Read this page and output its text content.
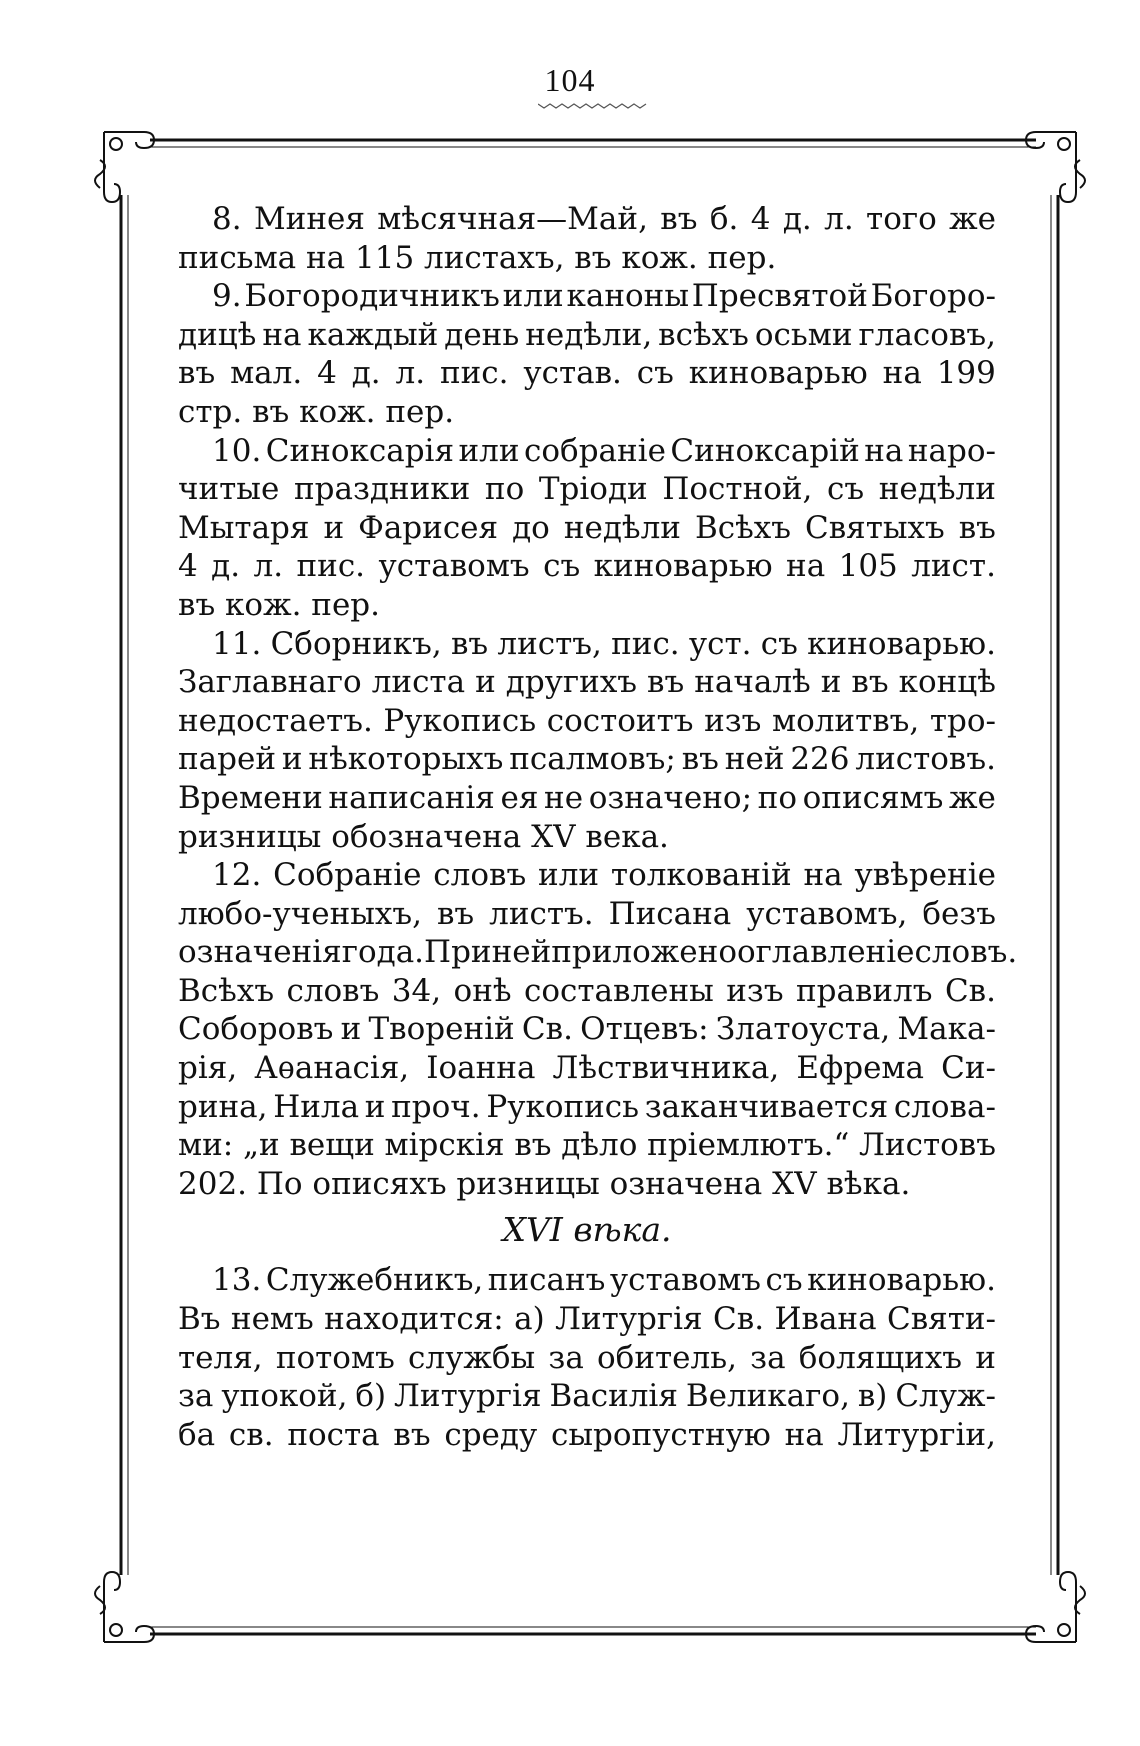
104
8. Минея мѣсячная—Май, въ б. 4 д. л. того же
письма на 115 листахъ, въ кож. пер.
9. Богородичникъ или каноны Пресвятой Богоро-
дицѣ на каждый день недѣли, всѣхъ осьми гласовъ,
въ мал. 4 д. л. пис. устав. съ киноварью на 199
стр. въ кож. пер.
10. Синоксарія или собраніе Синоксарій на наро-
читые праздники по Тріоди Постной, съ недѣли
Мытаря и Фарисея до недѣли Всѣхъ Святыхъ въ
4 д. л. пис. уставомъ съ киноварью на 105 лист.
въ кож. пер.
11. Сборникъ, въ листъ, пис. уст. съ киноварью.
Заглавнаго листа и другихъ въ началѣ и въ концѣ
недостаетъ. Рукопись состоитъ изъ молитвъ, тро-
парей и нѣкоторыхъ псалмовъ; въ ней 226 листовъ.
Времени написанія ея не означено; по описямъ же
ризницы обозначена XV века.
12. Собраніе словъ или толкованій на увѣреніе
любо-ученыхъ, въ листъ. Писана уставомъ, безъ
означенія года. При ней приложено оглавленіе словъ.
Всѣхъ словъ 34, онѣ составлены изъ правилъ Св.
Соборовъ и Твореній Св. Отцевъ: Златоуста, Мака-
рія, Аѳанасія, Іоанна Лѣствичника, Ефрема Си-
рина, Нила и проч. Рукопись заканчивается слова-
ми: „и вещи мірскія въ дѣло пріемлютъ.“ Листовъ
202. По описяхъ ризницы означена XV вѣка.
XVI вѣка.
13. Служебникъ, писанъ уставомъ съ киноварью.
Въ немъ находится: а) Литургія Св. Ивана Святи-
теля, потомъ службы за обитель, за болящихъ и
за упокой, б) Литургія Василія Великаго, в) Служ-
ба св. поста въ среду сыропустную на Литургіи,
